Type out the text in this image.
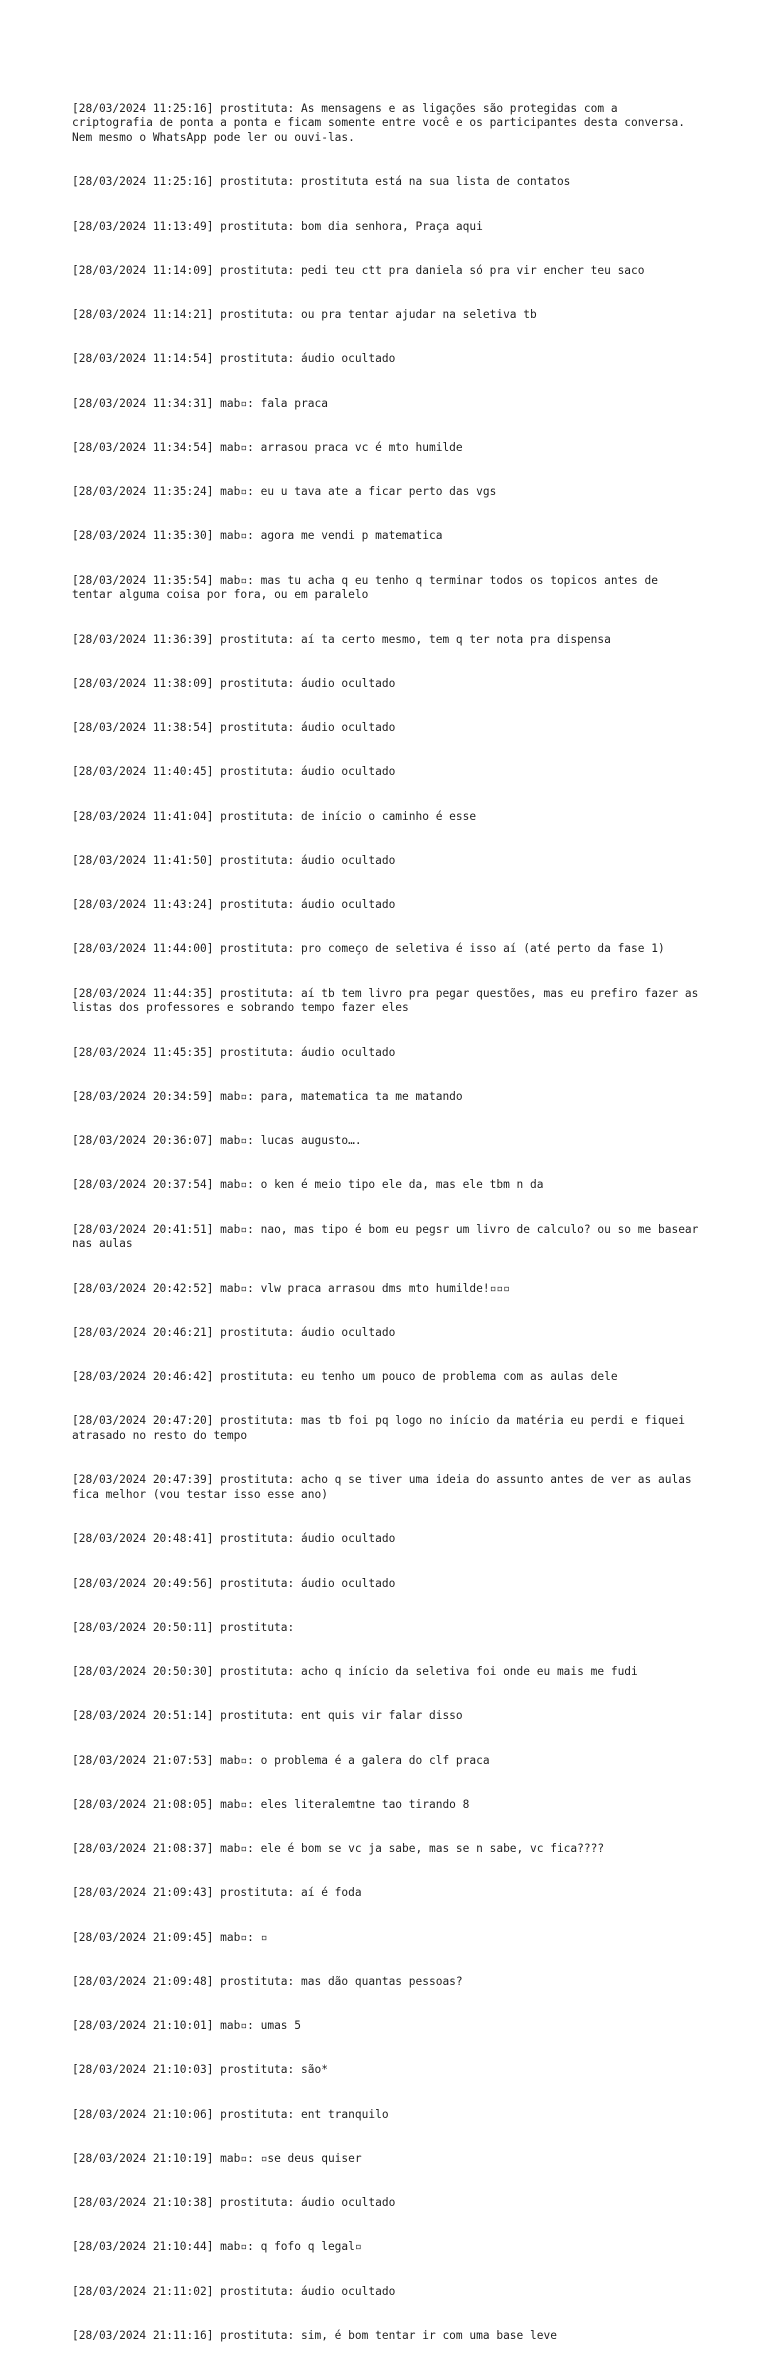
[28/03/2024 11:25:16] prostituta: As mensagens e as ligações são protegidas com a criptografia de ponta a ponta e ficam somente entre você e os participantes desta conversa. Nem mesmo o WhatsApp pode ler ou ouvi-las.

[28/03/2024 11:25:16] prostituta: prostituta está na sua lista de contatos

[28/03/2024 11:13:49] prostituta: bom dia senhora, Praça aqui

[28/03/2024 11:14:09] prostituta: pedi teu ctt pra daniela só pra vir encher teu saco

[28/03/2024 11:14:21] prostituta: ou pra tentar ajudar na seletiva tb

[28/03/2024 11:14:54] prostituta: áudio ocultado

[28/03/2024 11:34:31] mab▫: fala praca

[28/03/2024 11:34:54] mab▫: arrasou praca vc é mto humilde

[28/03/2024 11:35:24] mab▫: eu u tava ate a ficar perto das vgs

[28/03/2024 11:35:30] mab▫: agora me vendi p matematica

[28/03/2024 11:35:54] mab▫: mas tu acha q eu tenho q terminar todos os topicos antes de tentar alguma coisa por fora, ou em paralelo

[28/03/2024 11:36:39] prostituta: aí ta certo mesmo, tem q ter nota pra dispensa

[28/03/2024 11:38:09] prostituta: áudio ocultado

[28/03/2024 11:38:54] prostituta: áudio ocultado

[28/03/2024 11:40:45] prostituta: áudio ocultado

[28/03/2024 11:41:04] prostituta: de início o caminho é esse

[28/03/2024 11:41:50] prostituta: áudio ocultado

[28/03/2024 11:43:24] prostituta: áudio ocultado

[28/03/2024 11:44:00] prostituta: pro começo de seletiva é isso aí (até perto da fase 1)

[28/03/2024 11:44:35] prostituta: aí tb tem livro pra pegar questões, mas eu prefiro fazer as listas dos professores e sobrando tempo fazer eles

[28/03/2024 11:45:35] prostituta: áudio ocultado

[28/03/2024 20:34:59] mab▫: para, matematica ta me matando

[28/03/2024 20:36:07] mab▫: lucas augusto….

[28/03/2024 20:37:54] mab▫: o ken é meio tipo ele da, mas ele tbm n da

[28/03/2024 20:41:51] mab▫: nao, mas tipo é bom eu pegsr um livro de calculo? ou so me basear nas aulas

[28/03/2024 20:42:52] mab▫: vlw praca arrasou dms mto humilde!▫▫▫

[28/03/2024 20:46:21] prostituta: áudio ocultado

[28/03/2024 20:46:42] prostituta: eu tenho um pouco de problema com as aulas dele

[28/03/2024 20:47:20] prostituta: mas tb foi pq logo no início da matéria eu perdi e fiquei atrasado no resto do tempo

[28/03/2024 20:47:39] prostituta: acho q se tiver uma ideia do assunto antes de ver as aulas fica melhor (vou testar isso esse ano)

[28/03/2024 20:48:41] prostituta: áudio ocultado

[28/03/2024 20:49:56] prostituta: áudio ocultado

[28/03/2024 20:50:11] prostituta:

[28/03/2024 20:50:30] prostituta: acho q início da seletiva foi onde eu mais me fudi

[28/03/2024 20:51:14] prostituta: ent quis vir falar disso

[28/03/2024 21:07:53] mab▫: o problema é a galera do clf praca

[28/03/2024 21:08:05] mab▫: eles literalemtne tao tirando 8

[28/03/2024 21:08:37] mab▫: ele é bom se vc ja sabe, mas se n sabe, vc fica????

[28/03/2024 21:09:43] prostituta: aí é foda

[28/03/2024 21:09:45] mab▫: ▫

[28/03/2024 21:09:48] prostituta: mas dão quantas pessoas?

[28/03/2024 21:10:01] mab▫: umas 5

[28/03/2024 21:10:03] prostituta: são*

[28/03/2024 21:10:06] prostituta: ent tranquilo

[28/03/2024 21:10:19] mab▫: ▫se deus quiser

[28/03/2024 21:10:38] prostituta: áudio ocultado

[28/03/2024 21:10:44] mab▫: q fofo q legal▫

[28/03/2024 21:11:02] prostituta: áudio ocultado

[28/03/2024 21:11:16] prostituta: sim, é bom tentar ir com uma base leve
